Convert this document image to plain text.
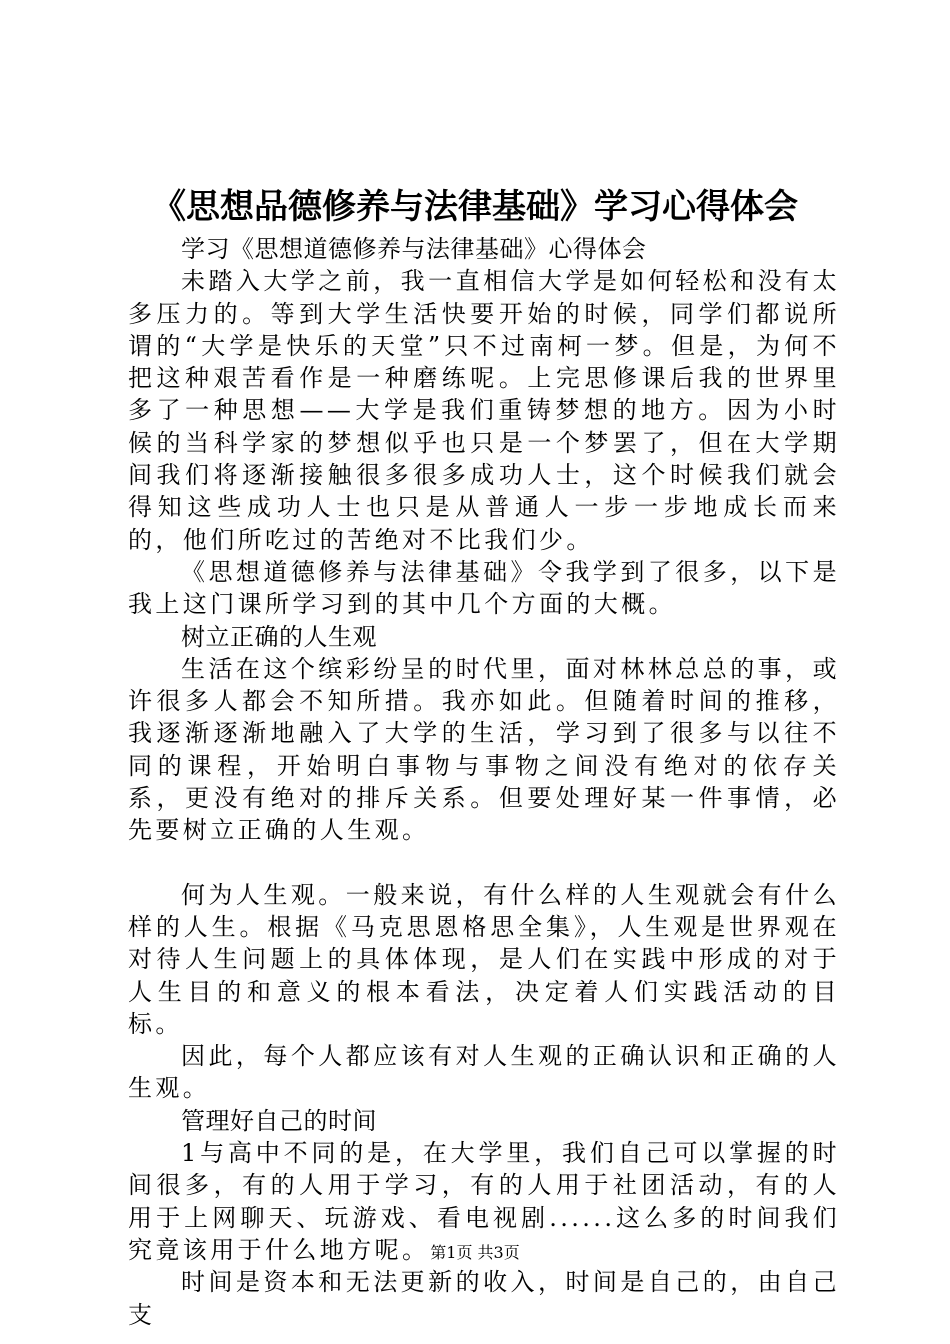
《思想品德修养与法律基础》学习心得体会

学习《思想道德修养与法律基础》心得体会

未踏入大学之前，我一直相信大学是如何轻松和没有太多压力的。等到大学生活快要开始的时候，同学们都说所谓的“大学是快乐的天堂”只不过南柯一梦。但是，为何不把这种艰苦看作是一种磨练呢。上完思修课后我的世界里多了一种思想——大学是我们重铸梦想的地方。因为小时候的当科学家的梦想似乎也只是一个梦罢了，但在大学期间我们将逐渐接触很多很多成功人士，这个时候我们就会得知这些成功人士也只是从普通人一步一步地成长而来的，他们所吃过的苦绝对不比我们少。

《思想道德修养与法律基础》令我学到了很多，以下是我上这门课所学习到的其中几个方面的大概。

树立正确的人生观

生活在这个缤彩纷呈的时代里，面对林林总总的事，或许很多人都会不知所措。我亦如此。但随着时间的推移，我逐渐逐渐地融入了大学的生活，学习到了很多与以往不同的课程，开始明白事物与事物之间没有绝对的依存关系，更没有绝对的排斥关系。但要处理好某一件事情，必先要树立正确的人生观。

何为人生观。一般来说，有什么样的人生观就会有什么样的人生。根据《马克思恩格思全集》，人生观是世界观在对待人生问题上的具体体现，是人们在实践中形成的对于人生目的和意义的根本看法，决定着人们实践活动的目标。

因此，每个人都应该有对人生观的正确认识和正确的人生观。

管理好自己的时间

1与高中不同的是，在大学里，我们自己可以掌握的时间很多，有的人用于学习，有的人用于社团活动，有的人用于上网聊天、玩游戏、看电视剧......这么多的时间我们究竟该用于什么地方呢。

时间是资本和无法更新的收入，时间是自己的，由自己支

第1页 共3页
